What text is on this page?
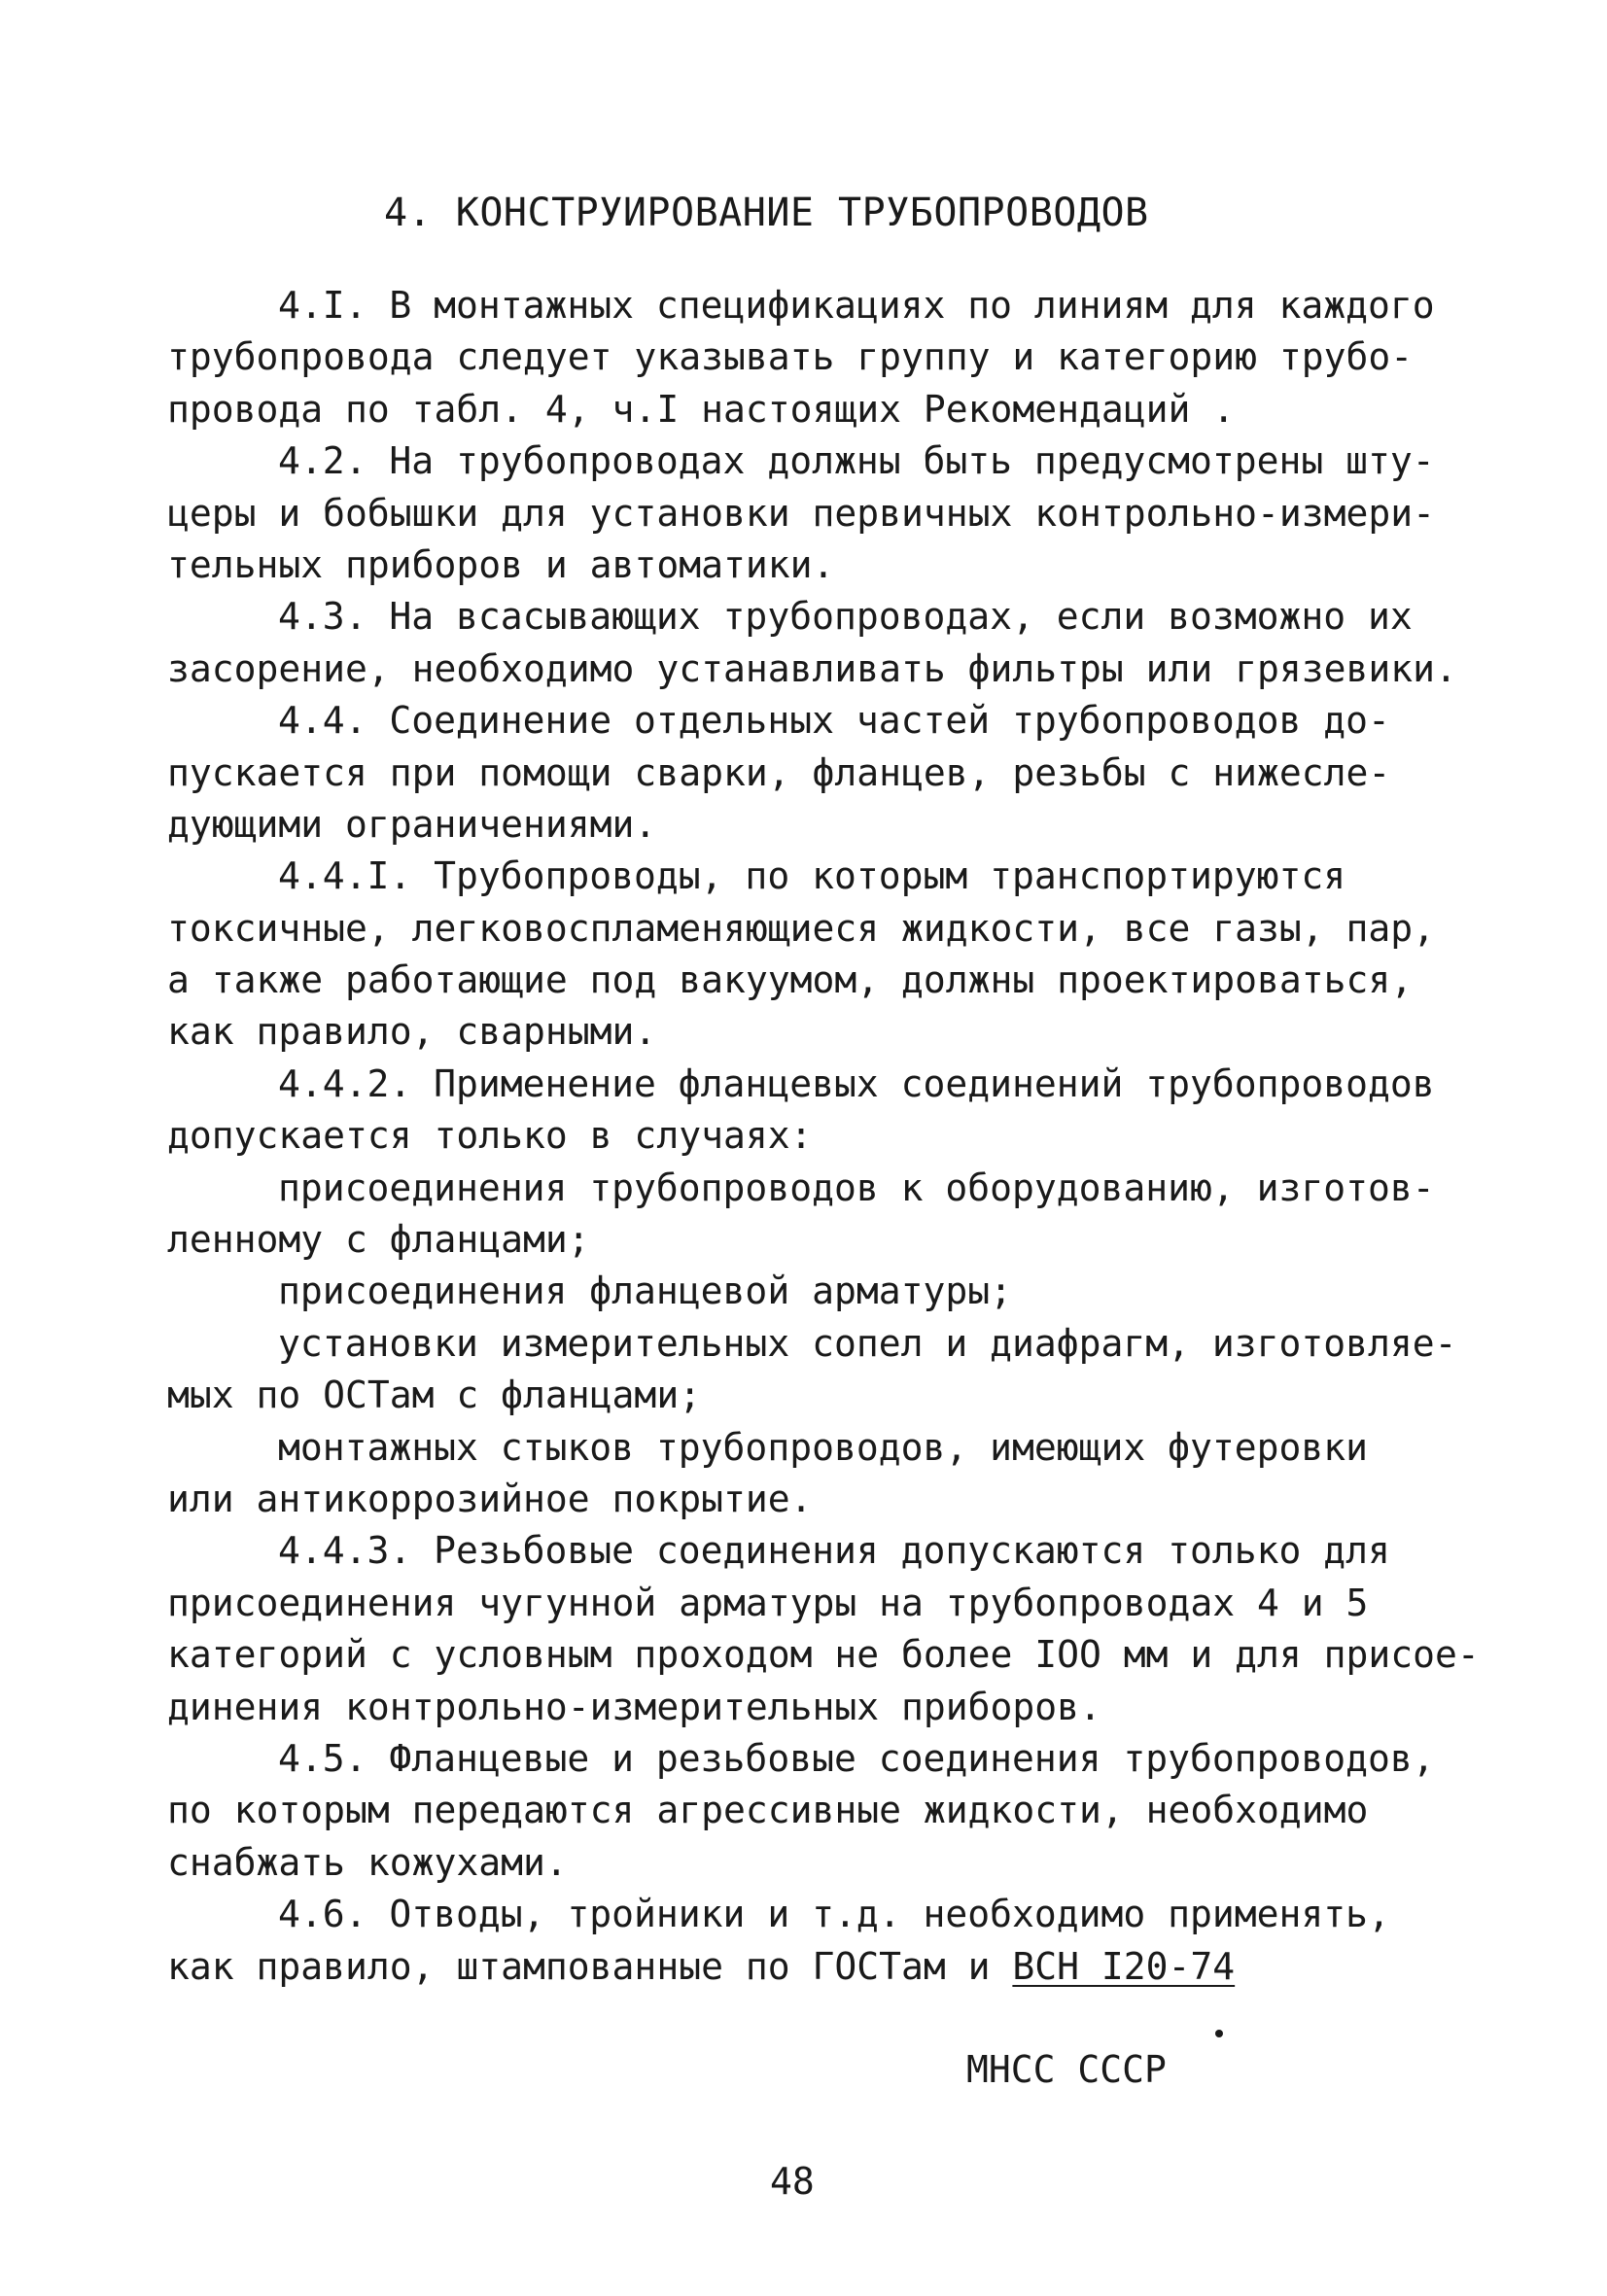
4. КОНСТРУИРОВАНИЕ ТРУБОПРОВОДОВ
4.I. В монтажных спецификациях по линиям для каждого
трубопровода следует указывать группу и категорию трубо-
провода по табл. 4, ч.I настоящих Рекомендаций .
4.2. На трубопроводах должны быть предусмотрены шту-
церы и бобышки для установки первичных контрольно-измери-
тельных приборов и автоматики.
4.3. На всасывающих трубопроводах, если возможно их
засорение, необходимо устанавливать фильтры или грязевики.
4.4. Соединение отдельных частей трубопроводов до-
пускается при помощи сварки, фланцев, резьбы с нижесле-
дующими ограничениями.
4.4.I. Трубопроводы, по которым транспортируются
токсичные, легковоспламеняющиеся жидкости, все газы, пар,
а также работающие под вакуумом, должны проектироваться,
как правило, сварными.
4.4.2. Применение фланцевых соединений трубопроводов
допускается только в случаях:
присоединения трубопроводов к оборудованию, изготов-
ленному с фланцами;
присоединения фланцевой арматуры;
установки измерительных сопел и диафрагм, изготовляе-
мых по ОСТам с фланцами;
монтажных стыков трубопроводов, имеющих футеровки
или антикоррозийное покрытие.
4.4.3. Резьбовые соединения допускаются только для
присоединения чугунной арматуры на трубопроводах 4 и 5
категорий с условным проходом не более IOO мм и для присое-
динения контрольно-измерительных приборов.
4.5. Фланцевые и резьбовые соединения трубопроводов,
по которым передаются агрессивные жидкости, необходимо
снабжать кожухами.
4.6. Отводы, тройники и т.д. необходимо применять,
как правило, штампованные по ГОСТам и ВСН I20-74
МНСС СССР
48
